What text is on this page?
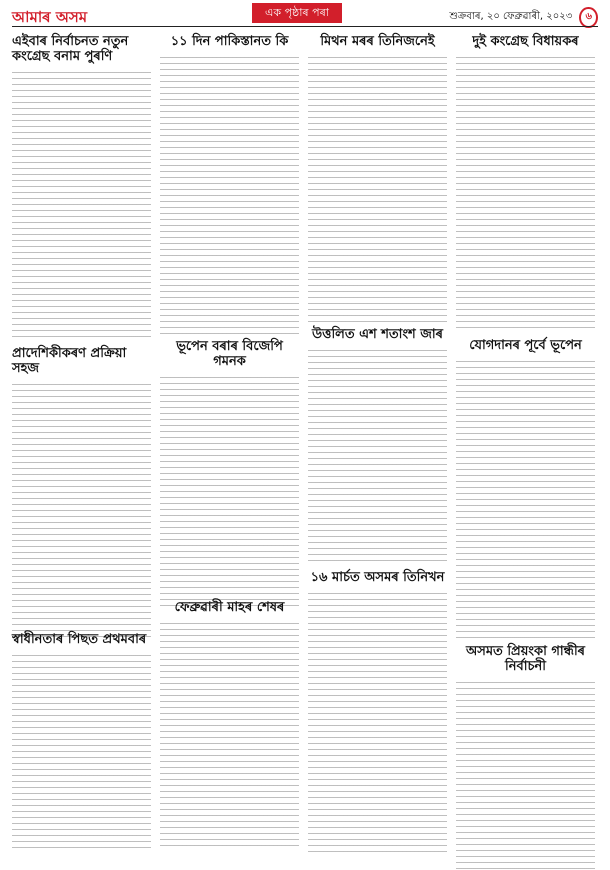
আমাৰ অসম	এক পৃষ্ঠাৰ পৰা	শুক্ৰবাৰ, ২০ ফেব্ৰুৱাৰী, ২০২৩ ৬
এইবাৰ নিৰ্বাচনত নতুন কংগ্ৰেছ বনাম পুৰণি
প্ৰাদেশিকীকৰণ প্ৰক্ৰিয়া সহজ
স্বাধীনতাৰ পিছত প্ৰথমবাৰ
১১ দিন পাকিস্তানত কি
ভূপেন বৰাৰ বিজেপি গমনক
ফেব্ৰুৱাৰী মাহৰ শেষৰ
মিথন মৰৰ তিনিজনেই
উত্তলিত এশ শতাংশ জাৰ
১৬ মাৰ্চত অসমৰ তিনিখন
দুই কংগ্ৰেছ বিধায়কৰ
যোগদানৰ পূৰ্বে ভূপেন
অসমত প্ৰিয়ংকা গান্ধীৰ নিৰ্বাচনী
